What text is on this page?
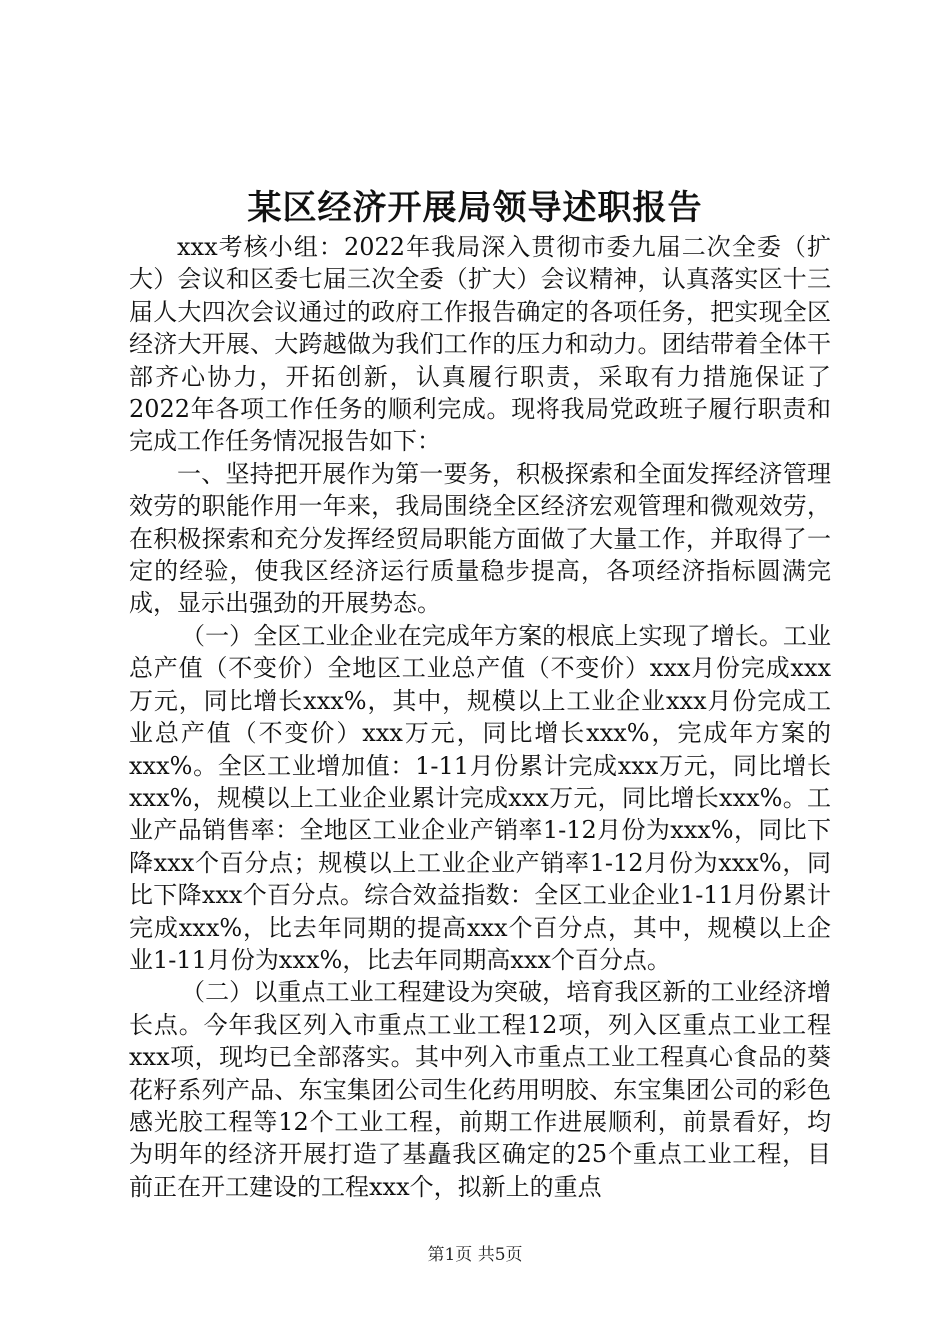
某区经济开展局领导述职报告

xxx考核小组：2022年我局深入贯彻市委九届二次全委（扩大）会议和区委七届三次全委（扩大）会议精神，认真落实区十三届人大四次会议通过的政府工作报告确定的各项任务，把实现全区经济大开展、大跨越做为我们工作的压力和动力。团结带着全体干部齐心协力，开拓创新，认真履行职责，采取有力措施保证了2022年各项工作任务的顺利完成。现将我局党政班子履行职责和完成工作任务情况报告如下：

一、坚持把开展作为第一要务，积极探索和全面发挥经济管理效劳的职能作用一年来，我局围绕全区经济宏观管理和微观效劳，在积极探索和充分发挥经贸局职能方面做了大量工作，并取得了一定的经验，使我区经济运行质量稳步提高，各项经济指标圆满完成，显示出强劲的开展势态。

（一）全区工业企业在完成年方案的根底上实现了增长。工业总产值（不变价）全地区工业总产值（不变价）xxx月份完成xxx万元，同比增长xxx%，其中，规模以上工业企业xxx月份完成工业总产值（不变价）xxx万元，同比增长xxx%，完成年方案的xxx%。全区工业增加值：1-11月份累计完成xxx万元，同比增长xxx%，规模以上工业企业累计完成xxx万元，同比增长xxx%。工业产品销售率：全地区工业企业产销率1-12月份为xxx%，同比下降xxx个百分点；规模以上工业企业产销率1-12月份为xxx%，同比下降xxx个百分点。综合效益指数：全区工业企业1-11月份累计完成xxx%，比去年同期的提高xxx个百分点，其中，规模以上企业1-11月份为xxx%，比去年同期高xxx个百分点。

（二）以重点工业工程建设为突破，培育我区新的工业经济增长点。今年我区列入市重点工业工程12项，列入区重点工业工程xxx项，现均已全部落实。其中列入市重点工业工程真心食品的葵花籽系列产品、东宝集团公司生化药用明胶、东宝集团公司的彩色感光胶工程等12个工业工程，前期工作进展顺利，前景看好，均为明年的经济开展打造了基矗我区确定的25个重点工业工程，目前正在开工建设的工程xxx个，拟新上的重点

第1页 共5页
